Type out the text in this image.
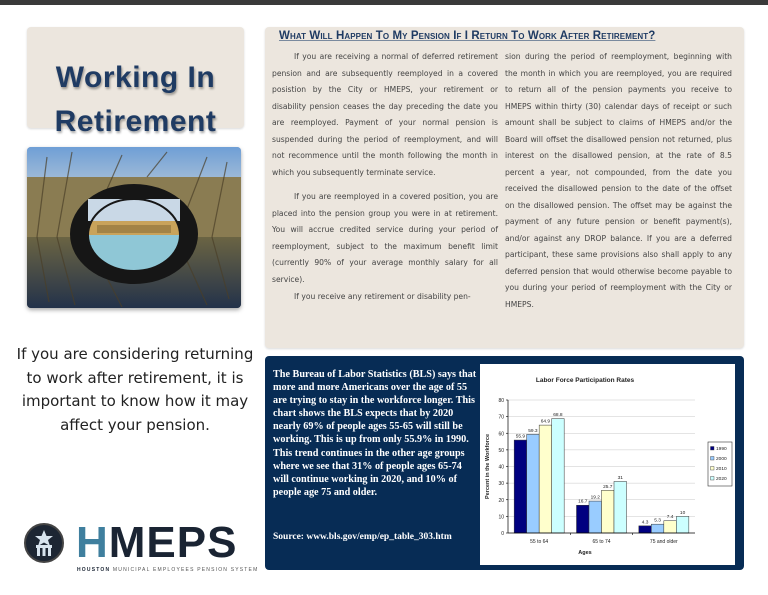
Working In
Retirement
If you are considering returning to work after retirement, it is important to know how it may affect your pension.
HMEPS
HOUSTON MUNICIPAL EMPLOYEES PENSION SYSTEM
What Will Happen To My Pension If I Return To Work After Retirement?

If you are receiving a normal of deferred retirement pension and are subsequently reemployed in a covered posistion by the City or HMEPS, your retirement or disability pension ceases the day preceding the date you are reemployed. Payment of your normal pension is suspended during the period of reemployment, and will not recommence until the month following the month in which you subsequently terminate service.

If you are reemployed in a covered position, you are placed into the pension group you were in at retirement. You will accrue credited service during your period of reemployment, subject to the maximum benefit limit (currently 90% of your average monthly salary for all service).

If you receive any retirement or disability pen-

sion during the period of reemployment, beginning with the month in which you are reemployed, you are required to return all of the pension payments you receive to HMEPS within thirty (30) calendar days of receipt or such amount shall be subject to claims of HMEPS and/or the Board will offset the disallowed pension not returned, plus interest on the disallowed pension, at the rate of 8.5 percent a year, not compounded, from the date you received the disallowed pension to the date of the offset on the disallowed pension. The offset may be against the payment of any future pension or benefit payment(s), and/or against any DROP balance. If you are a deferred participant, these same provisions also shall apply to any deferred pension that would otherwise become payable to you during your period of reemployment with the City or HMEPS.

The Bureau of Labor Statistics (BLS) says that more and more Americans over the age of 55 are trying to stay in the workforce longer. This chart shows the BLS expects that by 2020 nearly 69% of people ages 55-65 will still be working. This is up from only 55.9% in 1990. This trend continues in the other age groups where we see that 31% of people ages 65-74 will continue working in 2020, and 10% of people age 75 and older.
Source: www.bls.gov/emp/ep_table_303.htm
Labor Force Participation Rates
55.9
59.3
64.9
68.8
16.7
19.2
25.7
31
4.3 5.3
7.4
10
0
10
20
30
40
50
60
70
80
55 to 64	65 to 74	75 and older
Percent in the Workforce
Ages
1990
2000
2010
2020
